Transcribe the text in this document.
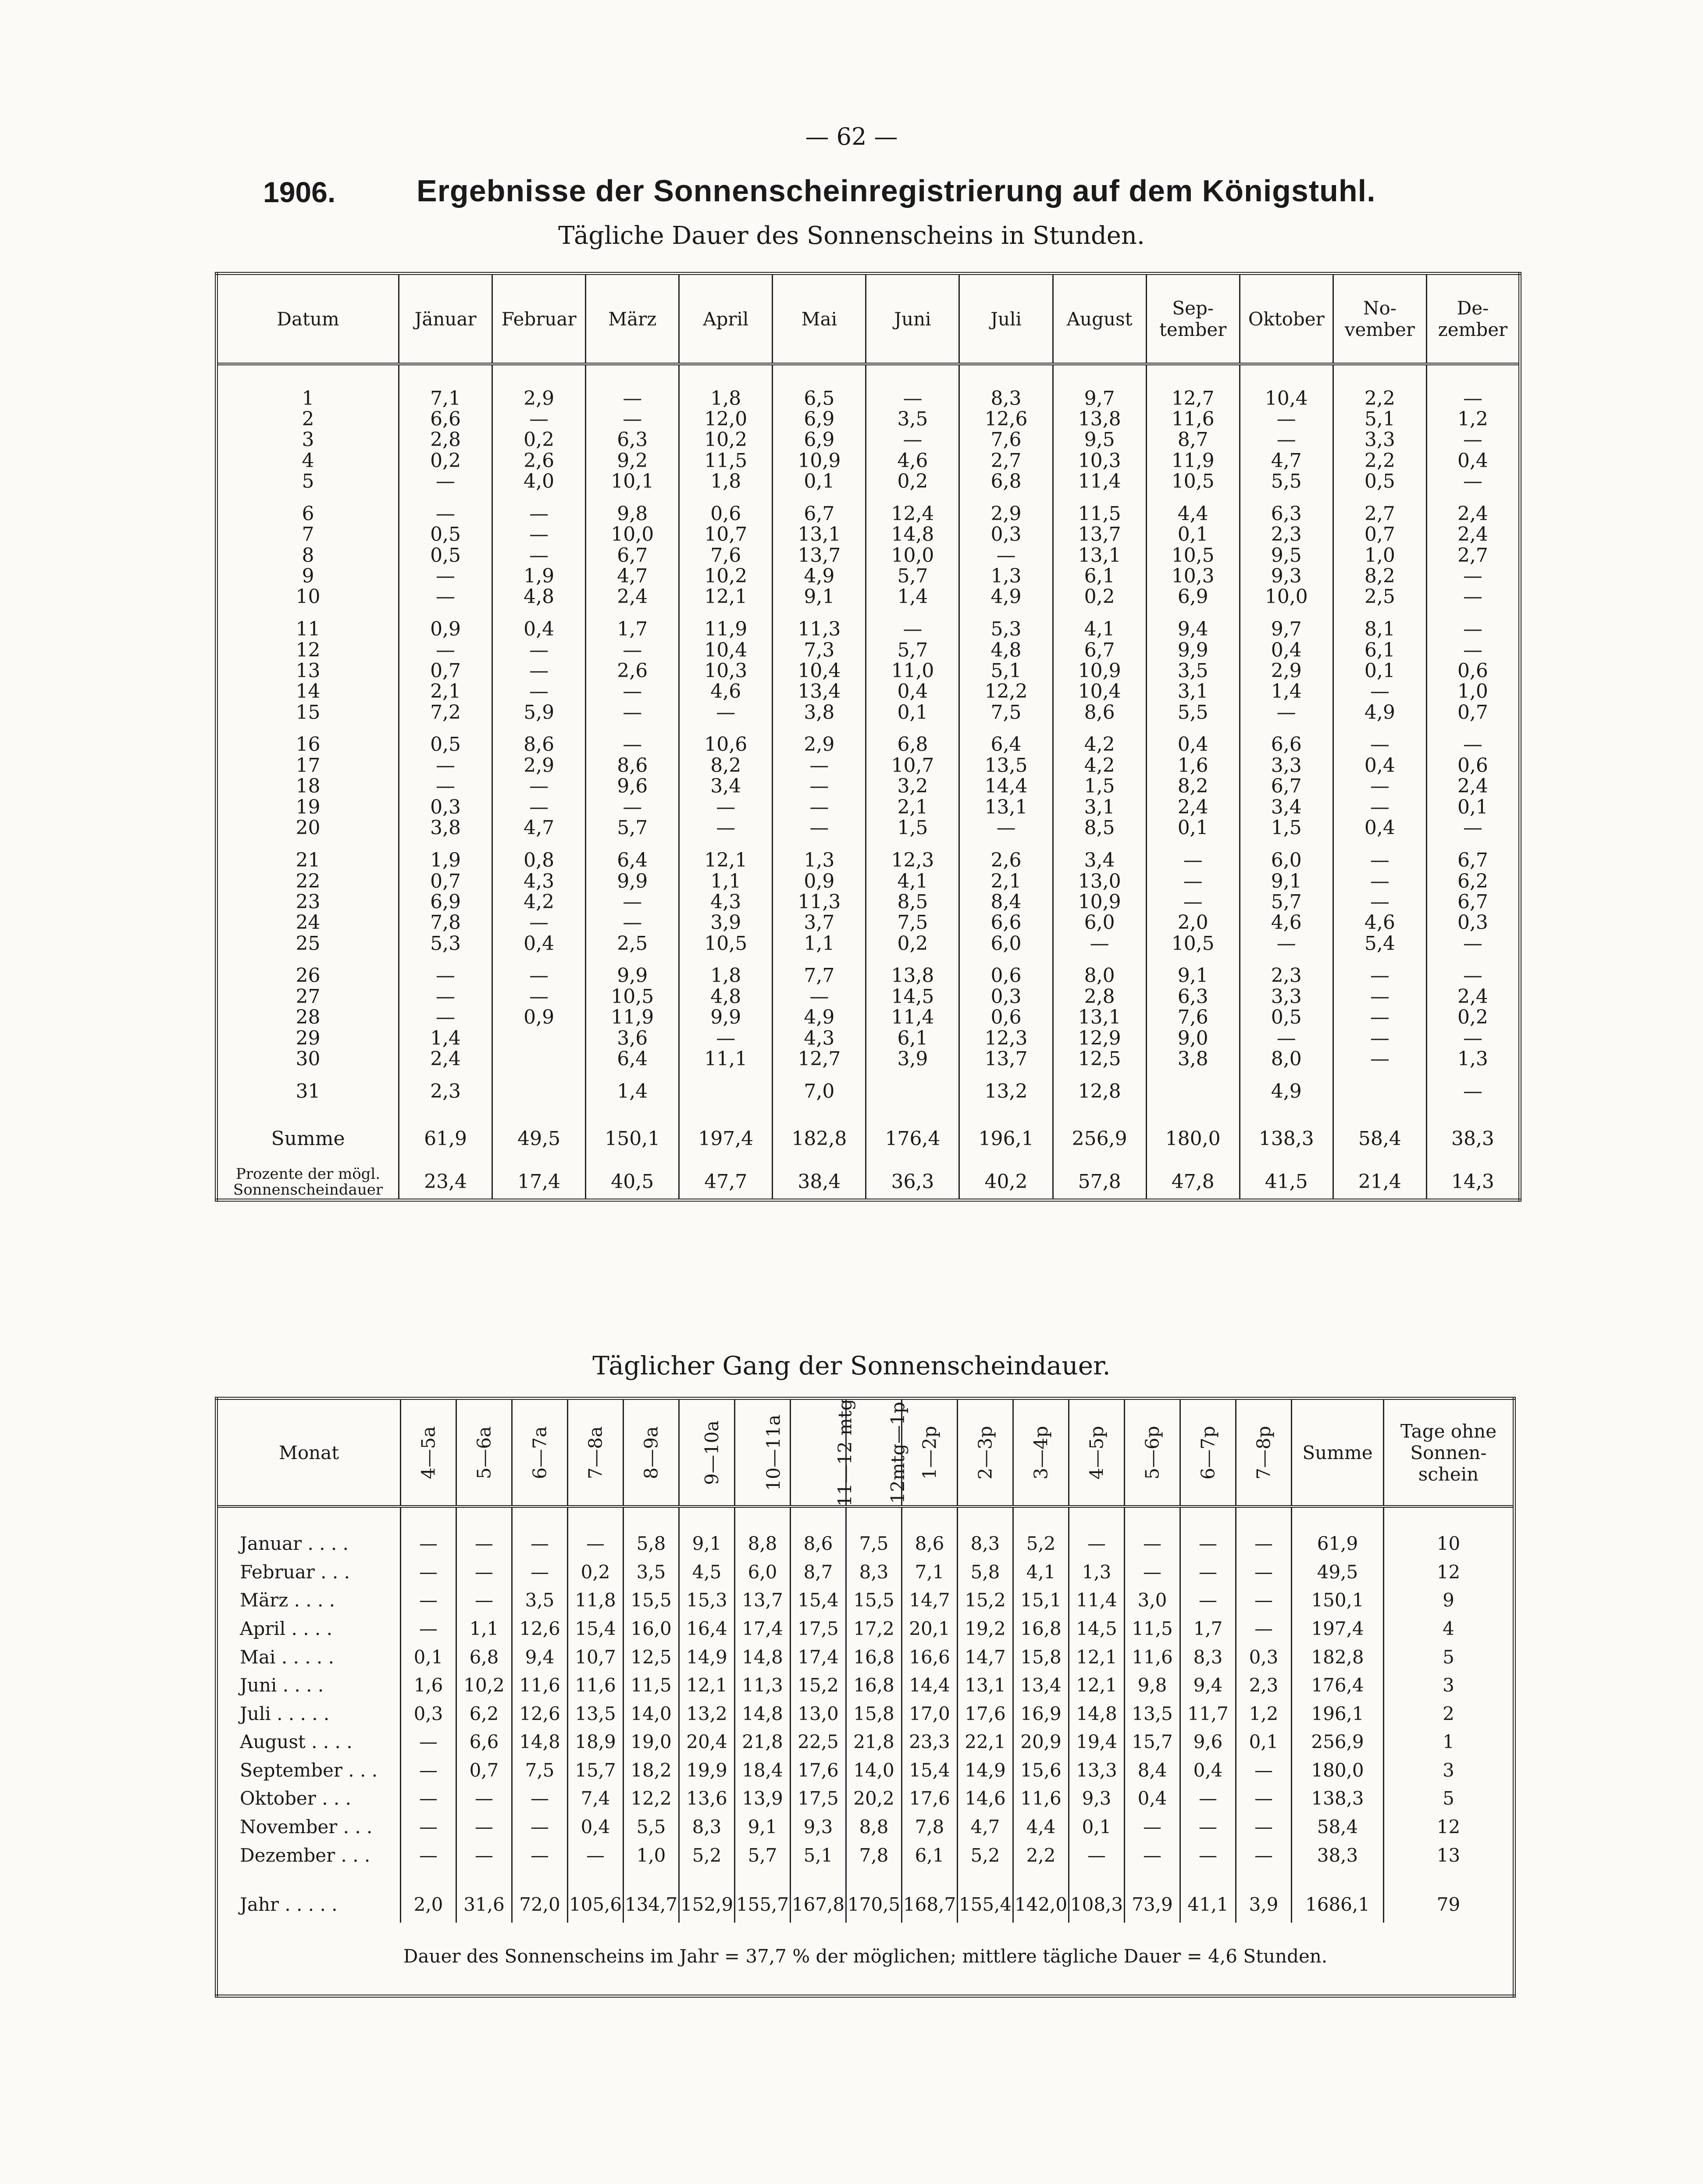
— 62 —
1906.	Ergebnisse der Sonnenscheinregistrierung auf dem Königstuhl.
Tägliche Dauer des Sonnenscheins in Stunden.
Datum	Jänuar	Februar	März	April	Mai	Juni	Juli	August	Sep-
tember	Oktober	No-
vember	De-
zember

1	7,1	2,9	—	1,8	6,5	—	8,3	9,7	12,7	10,4	2,2	—
2	6,6	—	—	12,0	6,9	3,5	12,6	13,8	11,6	—	5,1	1,2
3	2,8	0,2	6,3	10,2	6,9	—	7,6	9,5	8,7	—	3,3	—
4	0,2	2,6	9,2	11,5	10,9	4,6	2,7	10,3	11,9	4,7	2,2	0,4
5	—	4,0	10,1	1,8	0,1	0,2	6,8	11,4	10,5	5,5	0,5	—
6	—	—	9,8	0,6	6,7	12,4	2,9	11,5	4,4	6,3	2,7	2,4
7	0,5	—	10,0	10,7	13,1	14,8	0,3	13,7	0,1	2,3	0,7	2,4
8	0,5	—	6,7	7,6	13,7	10,0	—	13,1	10,5	9,5	1,0	2,7
9	—	1,9	4,7	10,2	4,9	5,7	1,3	6,1	10,3	9,3	8,2	—
10	—	4,8	2,4	12,1	9,1	1,4	4,9	0,2	6,9	10,0	2,5	—
11	0,9	0,4	1,7	11,9	11,3	—	5,3	4,1	9,4	9,7	8,1	—
12	—	—	—	10,4	7,3	5,7	4,8	6,7	9,9	0,4	6,1	—
13	0,7	—	2,6	10,3	10,4	11,0	5,1	10,9	3,5	2,9	0,1	0,6
14	2,1	—	—	4,6	13,4	0,4	12,2	10,4	3,1	1,4	—	1,0
15	7,2	5,9	—	—	3,8	0,1	7,5	8,6	5,5	—	4,9	0,7
16	0,5	8,6	—	10,6	2,9	6,8	6,4	4,2	0,4	6,6	—	—
17	—	2,9	8,6	8,2	—	10,7	13,5	4,2	1,6	3,3	0,4	0,6
18	—	—	9,6	3,4	—	3,2	14,4	1,5	8,2	6,7	—	2,4
19	0,3	—	—	—	—	2,1	13,1	3,1	2,4	3,4	—	0,1
20	3,8	4,7	5,7	—	—	1,5	—	8,5	0,1	1,5	0,4	—
21	1,9	0,8	6,4	12,1	1,3	12,3	2,6	3,4	—	6,0	—	6,7
22	0,7	4,3	9,9	1,1	0,9	4,1	2,1	13,0	—	9,1	—	6,2
23	6,9	4,2	—	4,3	11,3	8,5	8,4	10,9	—	5,7	—	6,7
24	7,8	—	—	3,9	3,7	7,5	6,6	6,0	2,0	4,6	4,6	0,3
25	5,3	0,4	2,5	10,5	1,1	0,2	6,0	—	10,5	—	5,4	—
26	—	—	9,9	1,8	7,7	13,8	0,6	8,0	9,1	2,3	—	—
27	—	—	10,5	4,8	—	14,5	0,3	2,8	6,3	3,3	—	2,4
28	—	0,9	11,9	9,9	4,9	11,4	0,6	13,1	7,6	0,5	—	0,2
29	1,4		3,6	—	4,3	6,1	12,3	12,9	9,0	—	—	—
30	2,4		6,4	11,1	12,7	3,9	13,7	12,5	3,8	8,0	—	1,3
31	2,3		1,4		7,0		13,2	12,8		4,9		—
Summe	61,9	49,5	150,1	197,4	182,8	176,4	196,1	256,9	180,0	138,3	58,4	38,3
Prozente der mögl.
Sonnenscheindauer	23,4	17,4	40,5	47,7	38,4	36,3	40,2	57,8	47,8	41,5	21,4	14,3

Täglicher Gang der Sonnenscheindauer.
Monat	4—5a	5—6a	6—7a	7—8a	8—9a	9—10a	10—11a	11—12 mtg	12mtg—1p	1—2p	2—3p	3—4p	4—5p	5—6p	6—7p	7—8p	Summe	Tage ohne
Sonnen-
schein

Januar . . . .	—	—	—	—	5,8	9,1	8,8	8,6	7,5	8,6	8,3	5,2	—	—	—	—	61,9	10
Februar . . .	—	—	—	0,2	3,5	4,5	6,0	8,7	8,3	7,1	5,8	4,1	1,3	—	—	—	49,5	12
März . . . .	—	—	3,5	11,8	15,5	15,3	13,7	15,4	15,5	14,7	15,2	15,1	11,4	3,0	—	—	150,1	9
April . . . .	—	1,1	12,6	15,4	16,0	16,4	17,4	17,5	17,2	20,1	19,2	16,8	14,5	11,5	1,7	—	197,4	4
Mai . . . . .	0,1	6,8	9,4	10,7	12,5	14,9	14,8	17,4	16,8	16,6	14,7	15,8	12,1	11,6	8,3	0,3	182,8	5
Juni . . . .	1,6	10,2	11,6	11,6	11,5	12,1	11,3	15,2	16,8	14,4	13,1	13,4	12,1	9,8	9,4	2,3	176,4	3
Juli . . . . .	0,3	6,2	12,6	13,5	14,0	13,2	14,8	13,0	15,8	17,0	17,6	16,9	14,8	13,5	11,7	1,2	196,1	2
August . . . .	—	6,6	14,8	18,9	19,0	20,4	21,8	22,5	21,8	23,3	22,1	20,9	19,4	15,7	9,6	0,1	256,9	1
September . . .	—	0,7	7,5	15,7	18,2	19,9	18,4	17,6	14,0	15,4	14,9	15,6	13,3	8,4	0,4	—	180,0	3
Oktober . . .	—	—	—	7,4	12,2	13,6	13,9	17,5	20,2	17,6	14,6	11,6	9,3	0,4	—	—	138,3	5
November . . .	—	—	—	0,4	5,5	8,3	9,1	9,3	8,8	7,8	4,7	4,4	0,1	—	—	—	58,4	12
Dezember . . .	—	—	—	—	1,0	5,2	5,7	5,1	7,8	6,1	5,2	2,2	—	—	—	—	38,3	13
Jahr . . . . .	2,0	31,6	72,0	105,6	134,7	152,9	155,7	167,8	170,5	168,7	155,4	142,0	108,3	73,9	41,1	3,9	1686,1	79

Dauer des Sonnenscheins im Jahr = 37,7 % der möglichen; mittlere tägliche Dauer = 4,6 Stunden.																		
